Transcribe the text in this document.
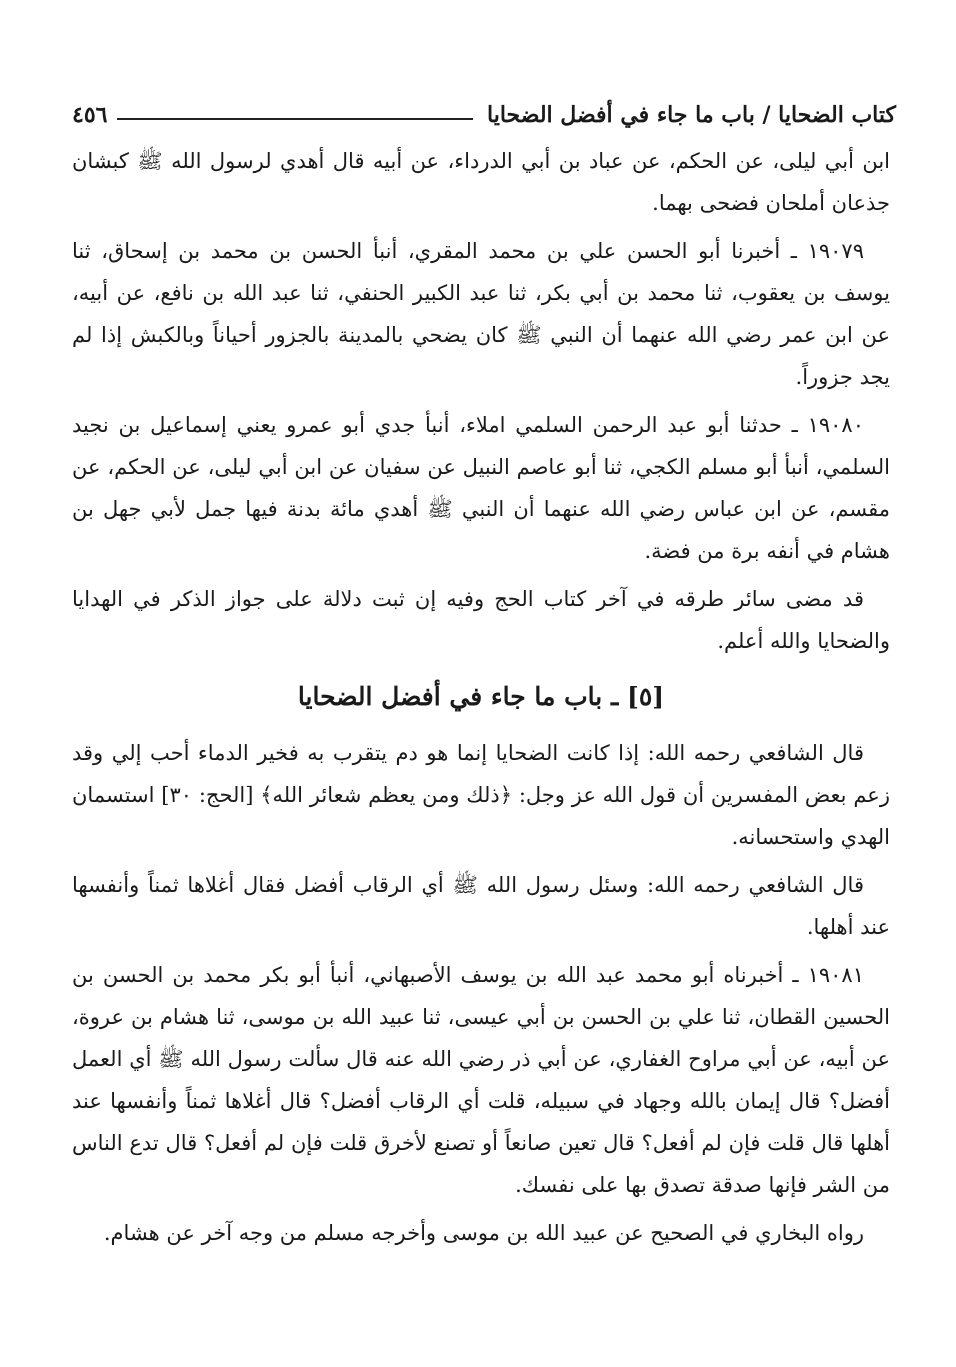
كتاب الضحايا / باب ما جاء في أفضل الضحايا
٤٥٦

ابن أبي ليلى، عن الحكم، عن عباد بن أبي الدرداء، عن أبيه قال أهدي لرسول الله ﷺ كبشان جذعان أملحان فضحى بهما.

١٩٠٧٩ ـ أخبرنا أبو الحسن علي بن محمد المقري، أنبأ الحسن بن محمد بن إسحاق، ثنا يوسف بن يعقوب، ثنا محمد بن أبي بكر، ثنا عبد الكبير الحنفي، ثنا عبد الله بن نافع، عن أبيه، عن ابن عمر رضي الله عنهما أن النبي ﷺ كان يضحي بالمدينة بالجزور أحياناً وبالكبش إذا لم يجد جزوراً.

١٩٠٨٠ ـ حدثنا أبو عبد الرحمن السلمي املاء، أنبأ جدي أبو عمرو يعني إسماعيل بن نجيد السلمي، أنبأ أبو مسلم الكجي، ثنا أبو عاصم النبيل عن سفيان عن ابن أبي ليلى، عن الحكم، عن مقسم، عن ابن عباس رضي الله عنهما أن النبي ﷺ أهدي مائة بدنة فيها جمل لأبي جهل بن هشام في أنفه برة من فضة.

قد مضى سائر طرقه في آخر كتاب الحج وفيه إن ثبت دلالة على جواز الذكر في الهدايا والضحايا والله أعلم.

[٥] ـ باب ما جاء في أفضل الضحايا

قال الشافعي رحمه الله: إذا كانت الضحايا إنما هو دم يتقرب به فخير الدماء أحب إلي وقد زعم بعض المفسرين أن قول الله عز وجل: ﴿ذلك ومن يعظم شعائر الله﴾ [الحج: ٣٠] استسمان الهدي واستحسانه.

قال الشافعي رحمه الله: وسئل رسول الله ﷺ أي الرقاب أفضل فقال أغلاها ثمناً وأنفسها عند أهلها.

١٩٠٨١ ـ أخبرناه أبو محمد عبد الله بن يوسف الأصبهاني، أنبأ أبو بكر محمد بن الحسن بن الحسين القطان، ثنا علي بن الحسن بن أبي عيسى، ثنا عبيد الله بن موسى، ثنا هشام بن عروة، عن أبيه، عن أبي مراوح الغفاري، عن أبي ذر رضي الله عنه قال سألت رسول الله ﷺ أي العمل أفضل؟ قال إيمان بالله وجهاد في سبيله، قلت أي الرقاب أفضل؟ قال أغلاها ثمناً وأنفسها عند أهلها قال قلت فإن لم أفعل؟ قال تعين صانعاً أو تصنع لأخرق قلت فإن لم أفعل؟ قال تدع الناس من الشر فإنها صدقة تصدق بها على نفسك.

رواه البخاري في الصحيح عن عبيد الله بن موسى وأخرجه مسلم من وجه آخر عن هشام.
